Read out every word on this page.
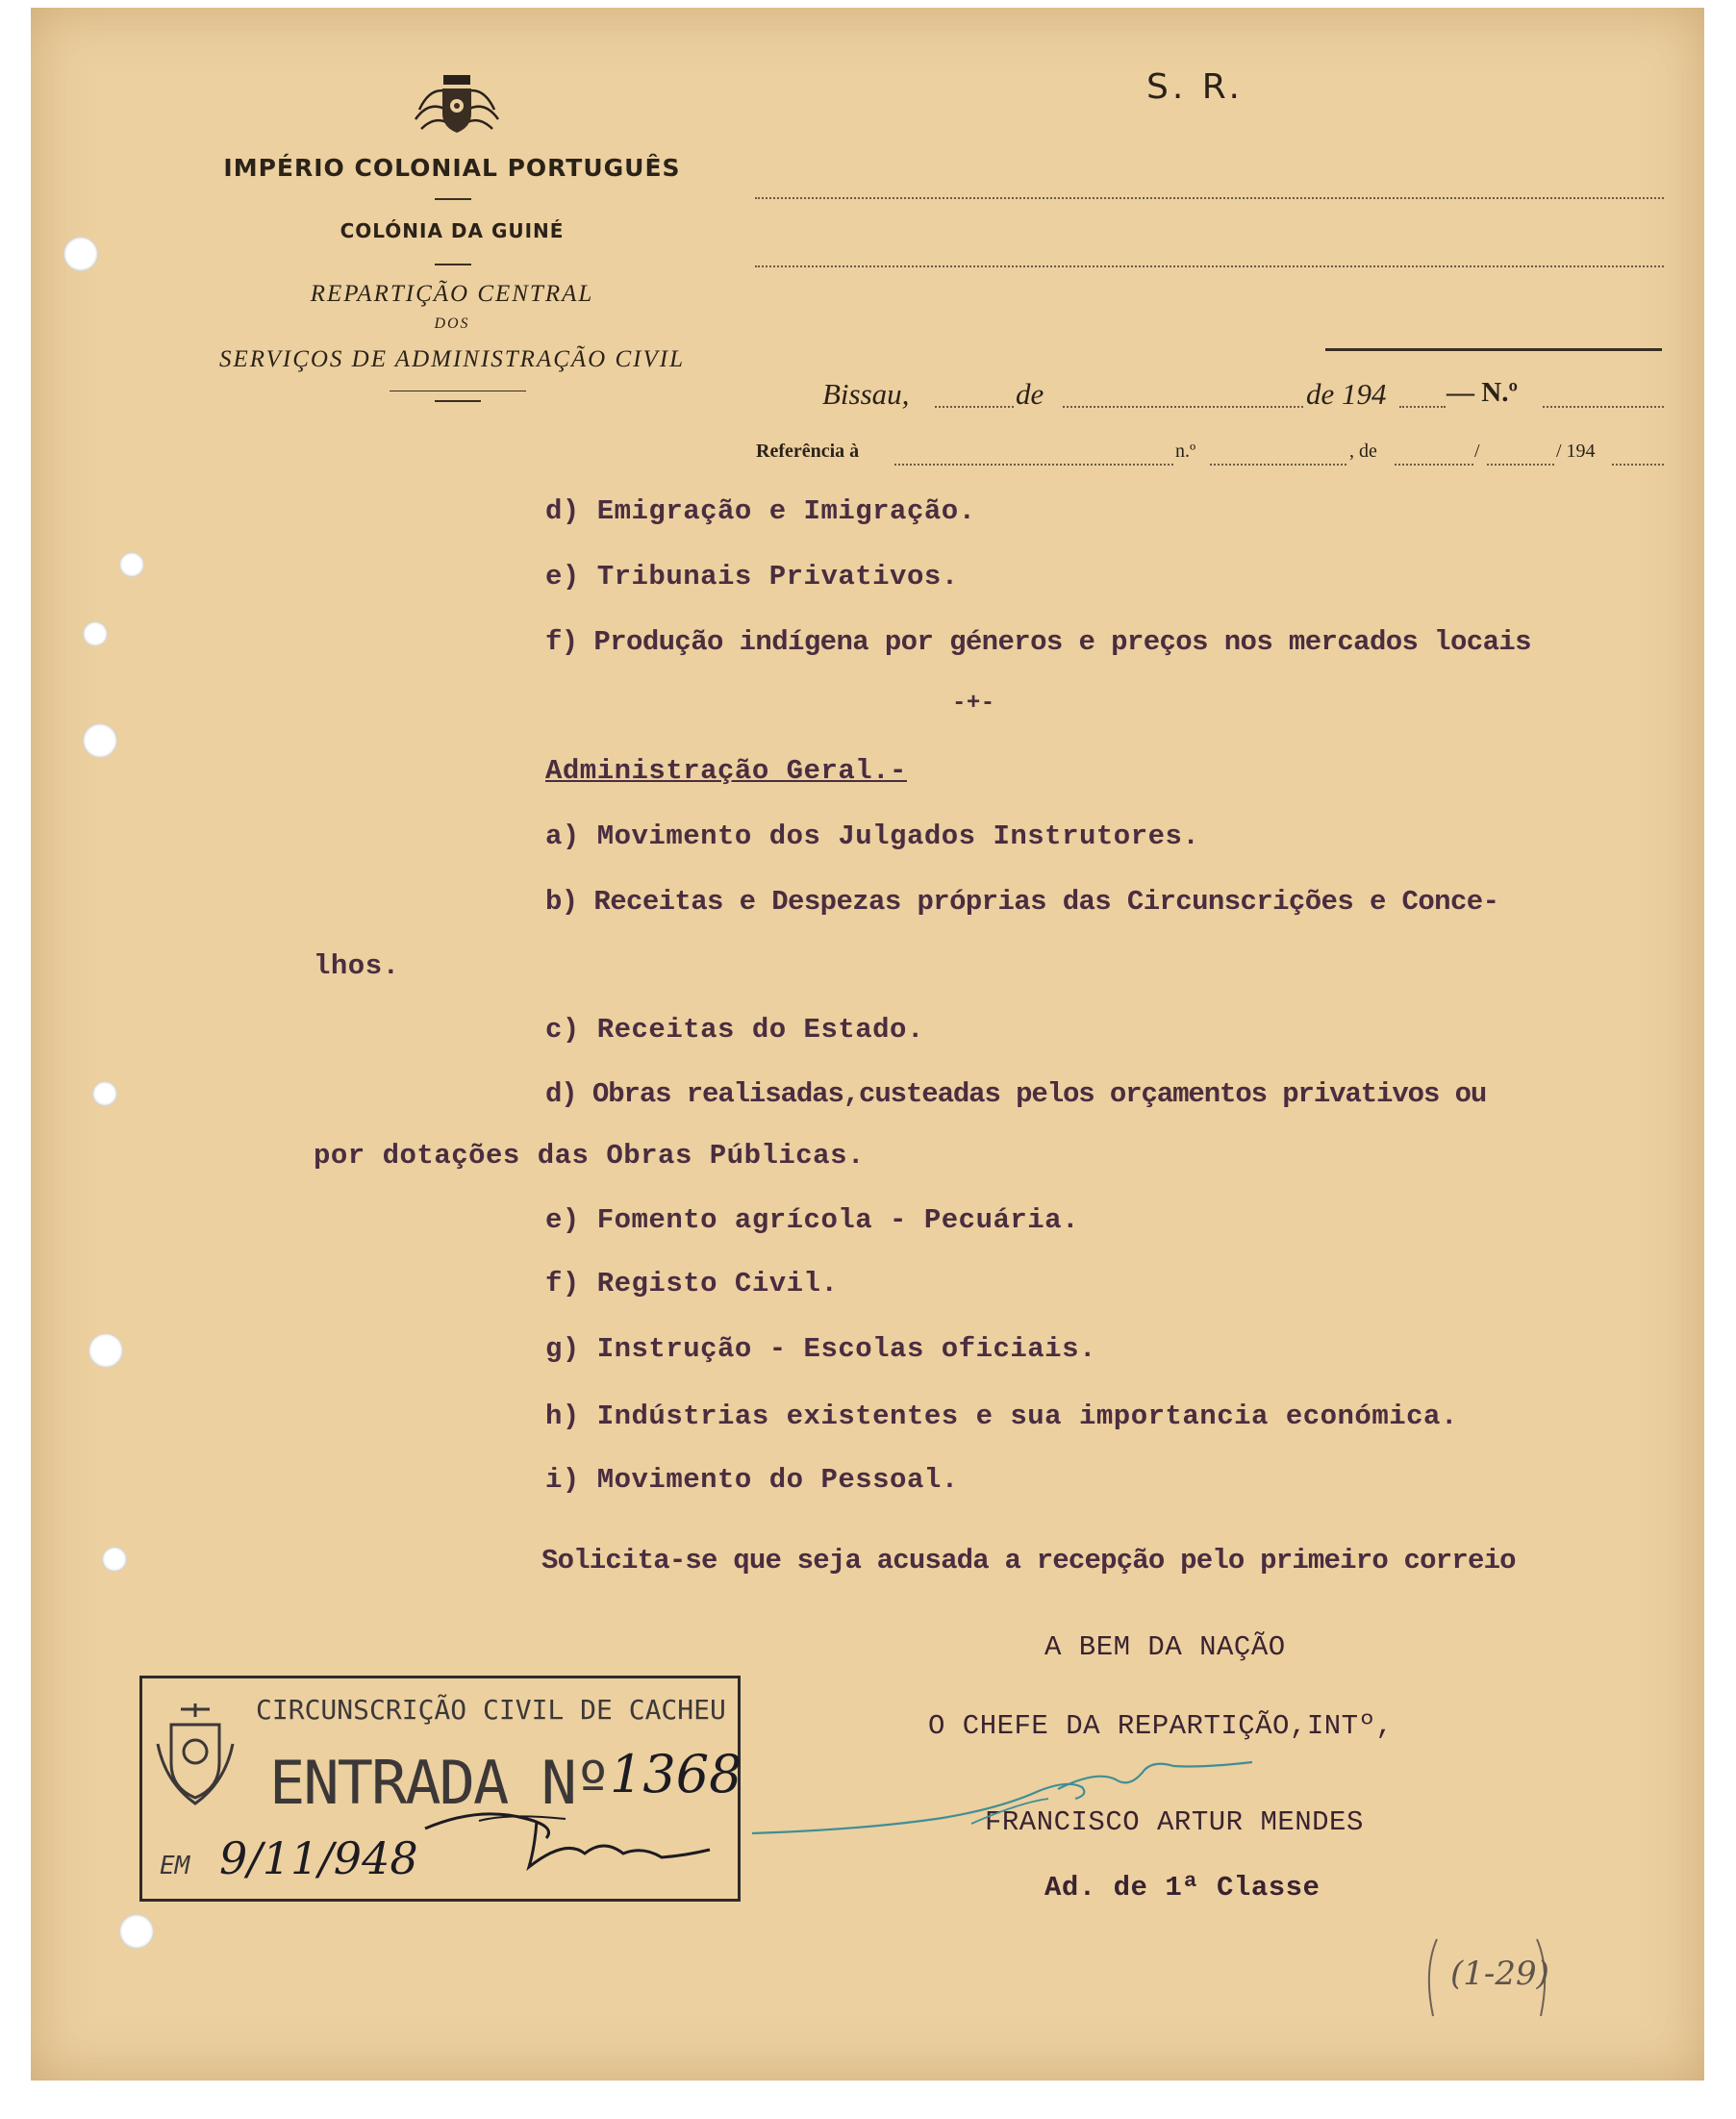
IMPÉRIO COLONIAL PORTUGUÊS
COLÓNIA DA GUINÉ
REPARTIÇÃO CENTRAL
DOS
SERVIÇOS DE ADMINISTRAÇÃO CIVIL
S. R.
Bissau,	de	de 194 — N.º
Referência à	n.º	, de	/	/ 194
d) Emigração e Imigração.
e) Tribunais Privativos.
f) Produção indígena por géneros e preços nos mercados locais
-+-
Administração Geral.-
a) Movimento dos Julgados Instrutores.
b) Receitas e Despezas próprias das Circunscrições e Conce-
lhos.
c) Receitas do Estado.
d) Obras realisadas,custeadas pelos orçamentos privativos ou
por dotações das Obras Públicas.
e) Fomento agrícola - Pecuária.
f) Registo Civil.
g) Instrução - Escolas oficiais.
h) Indústrias existentes e sua importancia económica.
i) Movimento do Pessoal.
Solicita-se que seja acusada a recepção pelo primeiro correio
A BEM DA NAÇÃO
O CHEFE DA REPARTIÇÃO,INTº,
FRANCISCO ARTUR MENDES
Ad. de 1ª Classe
CIRCUNSCRIÇÃO CIVIL DE CACHEU
ENTRADA Nº 1368
EM 9/11/948
(1-29)
